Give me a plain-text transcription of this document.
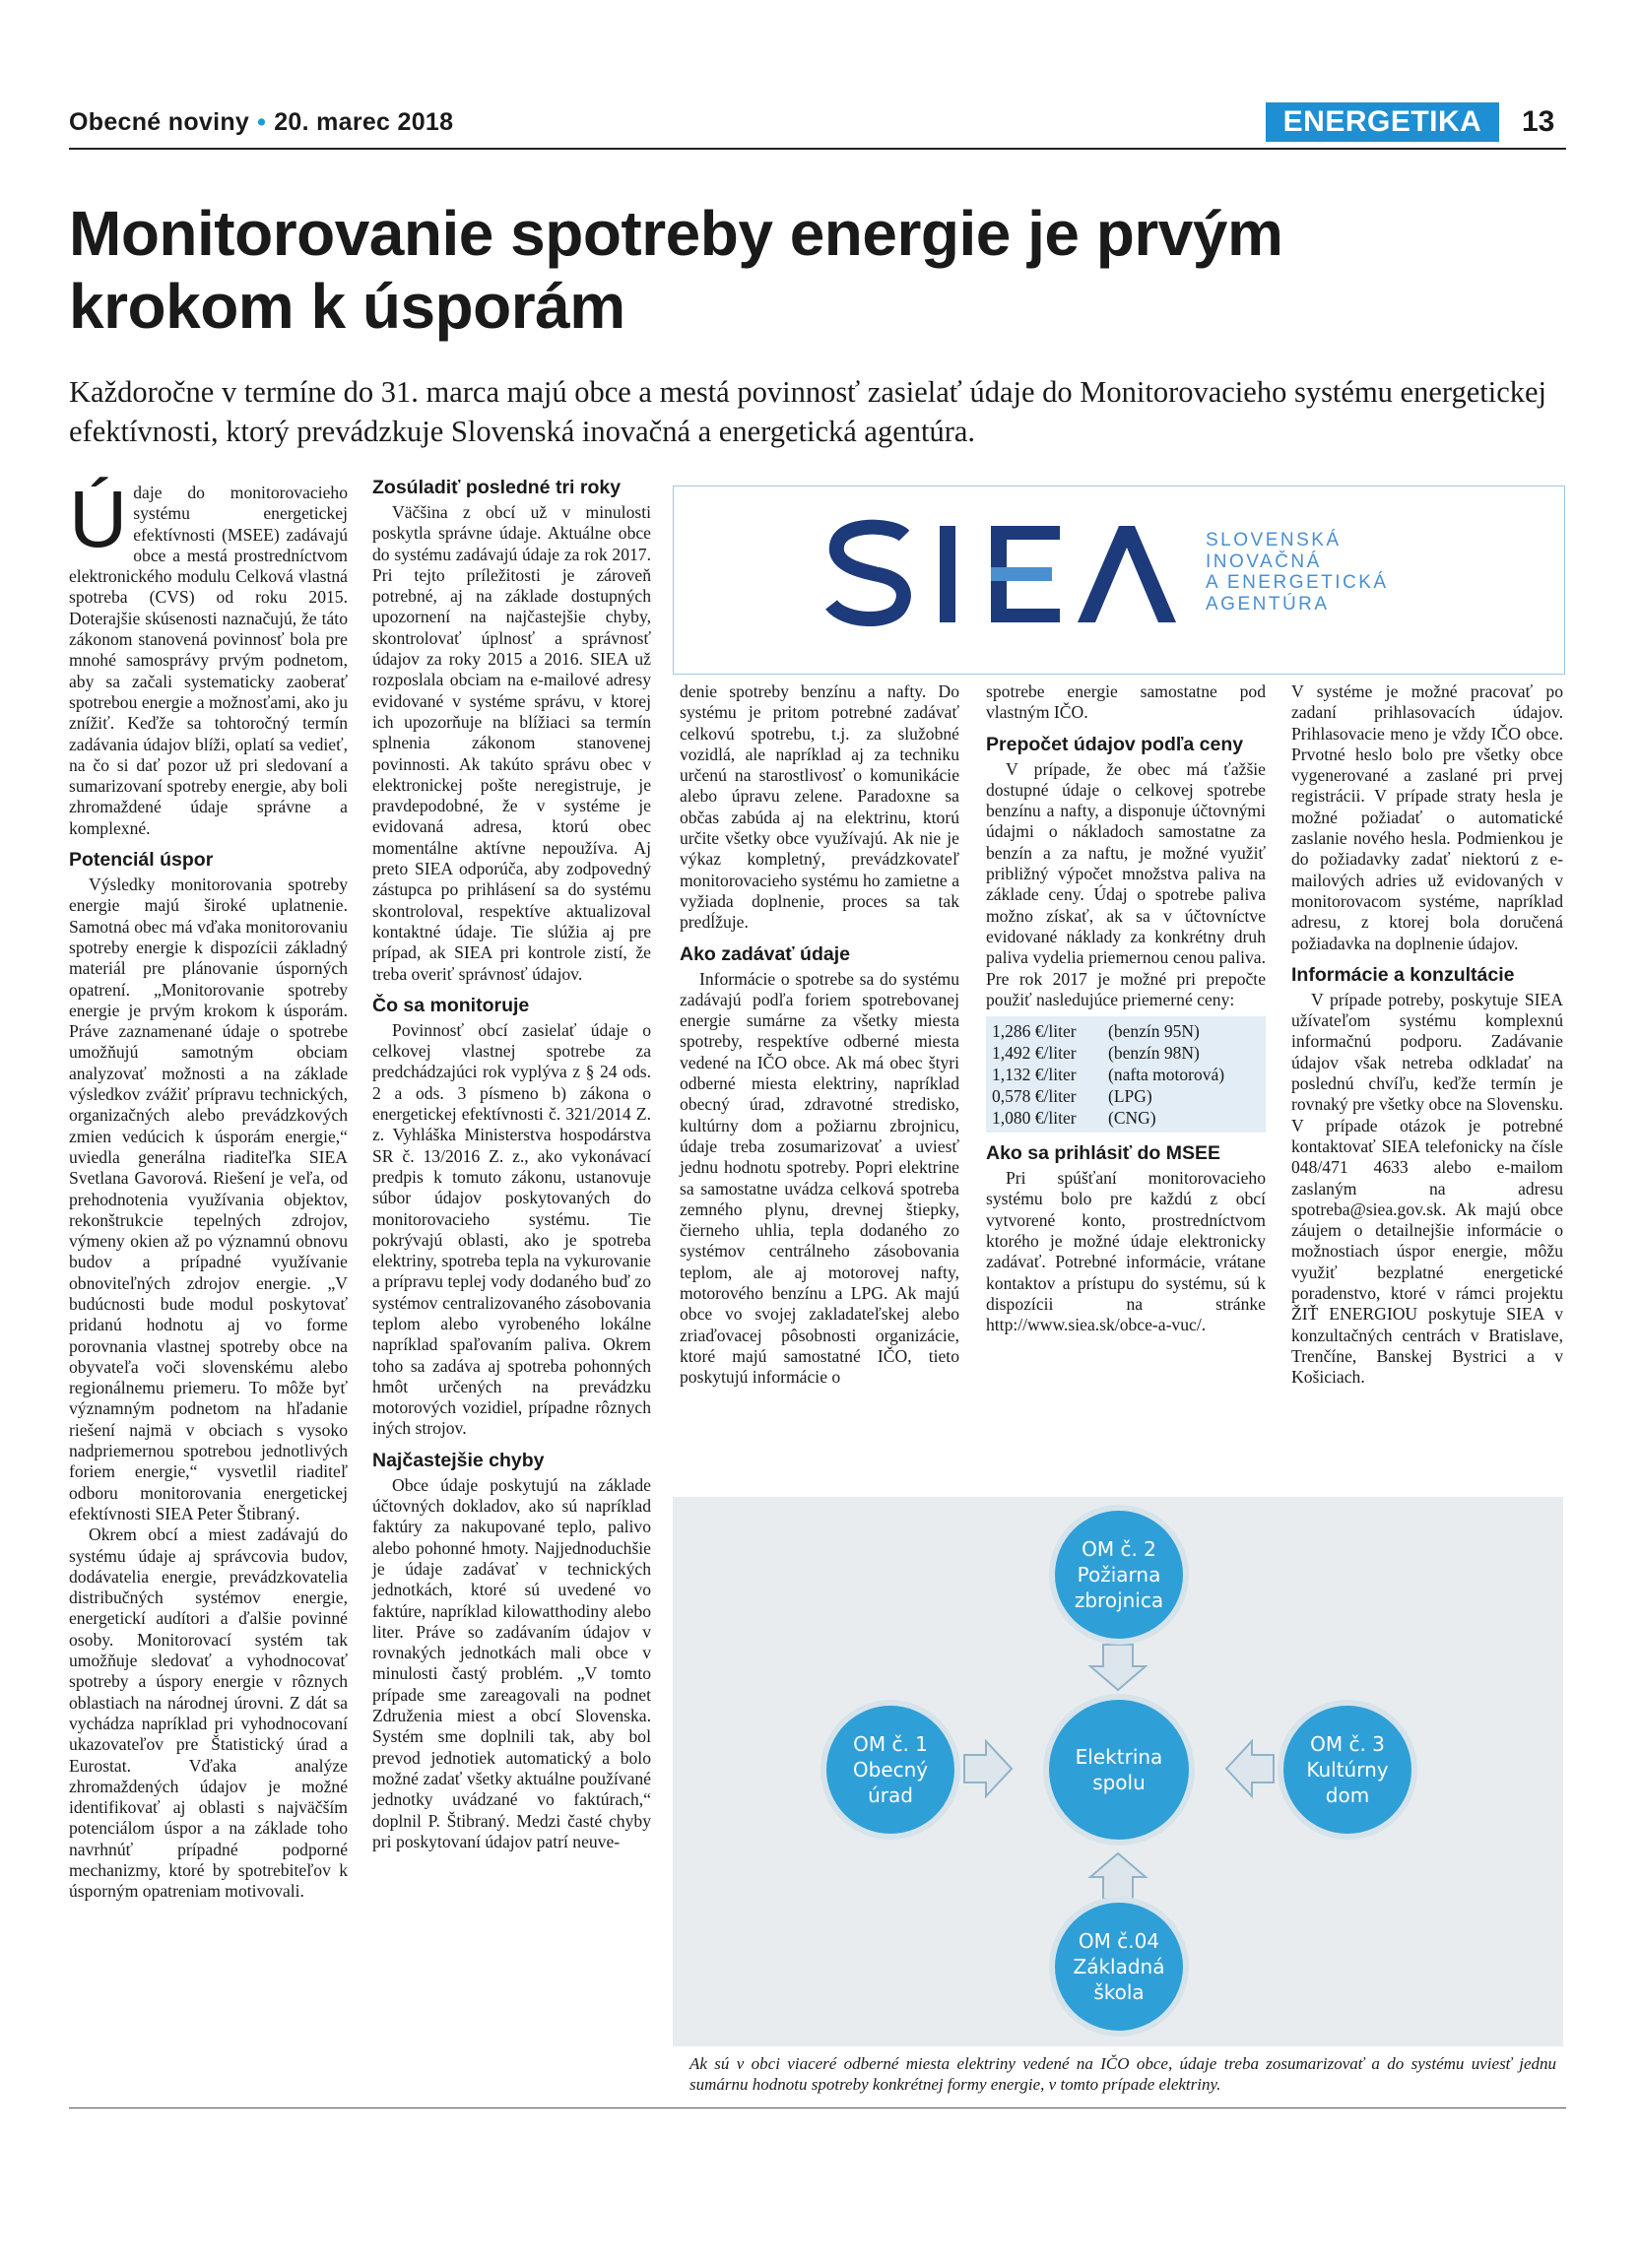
Obecné noviny • 20. marec 2018	ENERGETIKA	13
Monitorovanie spotreby energie je prvým
krokom k úsporám

Každoročne v termíne do 31. marca majú obce a mestá povinnosť zasielať údaje do Monitorovacieho systému energetickej efektívnosti, ktorý prevádzkuje Slovenská inovačná a energetická agentúra.

Údaje do monitorovacieho systému energetickej efektívnosti (MSEE) zadávajú obce a mestá prostredníctvom elektronického modulu Celková vlastná spotreba (CVS) od roku 2015. Doterajšie skúsenosti naznačujú, že táto zákonom stanovená povinnosť bola pre mnohé samosprávy prvým podnetom, aby sa začali systematicky zaoberať spotrebou energie a možnosťami, ako ju znížiť. Keďže sa tohtoročný termín zadávania údajov blíži, oplatí sa vedieť, na čo si dať pozor už pri sledovaní a sumarizovaní spotreby energie, aby boli zhromaždené údaje správne a komplexné.

Potenciál úspor

Výsledky monitorovania spotreby energie majú široké uplatnenie. Samotná obec má vďaka monitorovaniu spotreby energie k dispozícii základný materiál pre plánovanie úsporných opatrení. „Monitorovanie spotreby energie je prvým krokom k úsporám. Práve zaznamenané údaje o spotrebe umožňujú samotným obciam analyzovať možnosti a na základe výsledkov zvážiť prípravu technických, organizačných alebo prevádzkových zmien vedúcich k úsporám energie,“ uviedla generálna riaditeľka SIEA Svetlana Gavorová. Riešení je veľa, od prehodnotenia využívania objektov, rekonštrukcie tepelných zdrojov, výmeny okien až po významnú obnovu budov a prípadné využívanie obnoviteľných zdrojov energie. „V budúcnosti bude modul poskytovať pridanú hodnotu aj vo forme porovnania vlastnej spotreby obce na obyvateľa voči slovenskému alebo regionálnemu priemeru. To môže byť významným podnetom na hľadanie riešení najmä v obciach s vysoko nadpriemernou spotrebou jednotlivých foriem energie,“ vysvetlil riaditeľ odboru monitorovania energetickej efektívnosti SIEA Peter Štibraný.

Okrem obcí a miest zadávajú do systému údaje aj správcovia budov, dodávatelia energie, prevádzkovatelia distribučných systémov energie, energetickí audítori a ďalšie povinné osoby. Monitorovací systém tak umožňuje sledovať a vyhodnocovať spotreby a úspory energie v rôznych oblastiach na národnej úrovni. Z dát sa vychádza napríklad pri vyhodnocovaní ukazovateľov pre Štatistický úrad a Eurostat. Vďaka analýze zhromaždených údajov je možné identifikovať aj oblasti s najväčším potenciálom úspor a na základe toho navrhnúť prípadné podporné mechanizmy, ktoré by spotrebiteľov k úsporným opatreniam motivovali.

Zosúladiť posledné tri roky

Väčšina z obcí už v minulosti poskytla správne údaje. Aktuálne obce do systému zadávajú údaje za rok 2017. Pri tejto príležitosti je zároveň potrebné, aj na základe dostupných upozornení na najčastejšie chyby, skontrolovať úplnosť a správnosť údajov za roky 2015 a 2016. SIEA už rozposlala obciam na e-mailové adresy evidované v systéme správu, v ktorej ich upozorňuje na blížiaci sa termín splnenia zákonom stanovenej povinnosti. Ak takúto správu obec v elektronickej pošte neregistruje, je pravdepodobné, že v systéme je evidovaná adresa, ktorú obec momentálne aktívne nepoužíva. Aj preto SIEA odporúča, aby zodpovedný zástupca po prihlásení sa do systému skontroloval, respektíve aktualizoval kontaktné údaje. Tie slúžia aj pre prípad, ak SIEA pri kontrole zistí, že treba overiť správnosť údajov.

Čo sa monitoruje

Povinnosť obcí zasielať údaje o celkovej vlastnej spotrebe za predchádzajúci rok vyplýva z § 24 ods. 2 a ods. 3 písmeno b) zákona o energetickej efektívnosti č. 321/2014 Z. z. Vyhláška Ministerstva hospodárstva SR č. 13/2016 Z. z., ako vykonávací predpis k tomuto zákonu, ustanovuje súbor údajov poskytovaných do monitorovacieho systému. Tie pokrývajú oblasti, ako je spotreba elektriny, spotreba tepla na vykurovanie a prípravu teplej vody dodaného buď zo systémov centralizovaného zásobovania teplom alebo vyrobeného lokálne napríklad spaľovaním paliva. Okrem toho sa zadáva aj spotreba pohonných hmôt určených na prevádzku motorových vozidiel, prípadne rôznych iných strojov.

Najčastejšie chyby

Obce údaje poskytujú na základe účtovných dokladov, ako sú napríklad faktúry za nakupované teplo, palivo alebo pohonné hmoty. Najjednoduchšie je údaje zadávať v technických jednotkách, ktoré sú uvedené vo faktúre, napríklad kilowatthodiny alebo liter. Práve so zadávaním údajov v rovnakých jednotkách mali obce v minulosti častý problém. „V tomto prípade sme zareagovali na podnet Združenia miest a obcí Slovenska. Systém sme doplnili tak, aby bol prevod jednotiek automatický a bolo možné zadať všetky aktuálne používané jednotky uvádzané vo faktúrach,“ doplnil P. Štibraný. Medzi časté chyby pri poskytovaní údajov patrí neuve-

SLOVENSKÁ
INOVAČNÁ
A ENERGETICKÁ
AGENTÚRA

denie spotreby benzínu a nafty. Do systému je pritom potrebné zadávať celkovú spotrebu, t.j. za služobné vozidlá, ale napríklad aj za techniku určenú na starostlivosť o komunikácie alebo úpravu zelene. Paradoxne sa občas zabúda aj na elektrinu, ktorú určite všetky obce využívajú. Ak nie je výkaz kompletný, prevádzkovateľ monitorovacieho systému ho zamietne a vyžiada doplnenie, proces sa tak predĺžuje.

Ako zadávať údaje

Informácie o spotrebe sa do systému zadávajú podľa foriem spotrebovanej energie sumárne za všetky miesta spotreby, respektíve odberné miesta vedené na IČO obce. Ak má obec štyri odberné miesta elektriny, napríklad obecný úrad, zdravotné stredisko, kultúrny dom a požiarnu zbrojnicu, údaje treba zosumarizovať a uviesť jednu hodnotu spotreby. Popri elektrine sa samostatne uvádza celková spotreba zemného plynu, drevnej štiepky, čierneho uhlia, tepla dodaného zo systémov centrálneho zásobovania teplom, ale aj motorovej nafty, motorového benzínu a LPG. Ak majú obce vo svojej zakladateľskej alebo zriaďovacej pôsobnosti organizácie, ktoré majú samostatné IČO, tieto poskytujú informácie o

spotrebe energie samostatne pod vlastným IČO.

Prepočet údajov podľa ceny

V prípade, že obec má ťažšie dostupné údaje o celkovej spotrebe benzínu a nafty, a disponuje účtovnými údajmi o nákladoch samostatne za benzín a za naftu, je možné využiť približný výpočet množstva paliva na základe ceny. Údaj o spotrebe paliva možno získať, ak sa v účtovníctve evidované náklady za konkrétny druh paliva vydelia priemernou cenou paliva. Pre rok 2017 je možné pri prepočte použiť nasledujúce priemerné ceny:

1,286 €/liter	(benzín 95N)
1,492 €/liter	(benzín 98N)
1,132 €/liter	(nafta motorová)
0,578 €/liter	(LPG)
1,080 €/liter	(CNG)
Ako sa prihlásiť do MSEE

Pri spúšťaní monitorovacieho systému bolo pre každú z obcí vytvorené konto, prostredníctvom ktorého je možné údaje elektronicky zadávať. Potrebné informácie, vrátane kontaktov a prístupu do systému, sú k dispozícii na stránke http://www.siea.sk/obce-a-vuc/.

V systéme je možné pracovať po zadaní prihlasovacích údajov. Prihlasovacie meno je vždy IČO obce. Prvotné heslo bolo pre všetky obce vygenerované a zaslané pri prvej registrácii. V prípade straty hesla je možné požiadať o automatické zaslanie nového hesla. Podmienkou je do požiadavky zadať niektorú z e-mailových adries už evidovaných v monitorovacom systéme, napríklad adresu, z ktorej bola doručená požiadavka na doplnenie údajov.

Informácie a konzultácie

V prípade potreby, poskytuje SIEA užívateľom systému komplexnú informačnú podporu. Zadávanie údajov však netreba odkladať na poslednú chvíľu, keďže termín je rovnaký pre všetky obce na Slovensku. V prípade otázok je potrebné kontaktovať SIEA telefonicky na čísle 048/471 4633 alebo e-mailom zaslaným na adresu spotreba@siea.gov.sk. Ak majú obce záujem o detailnejšie informácie o možnostiach úspor energie, môžu využiť bezplatné energetické poradenstvo, ktoré v rámci projektu ŽIŤ ENERGIOU poskytuje SIEA v konzultačných centrách v Bratislave, Trenčíne, Banskej Bystrici a v Košiciach.

OM č. 2
Požiarna
zbrojnica
OM č. 1
Obecný
úrad
Elektrina
spolu
OM č. 3
Kultúrny
dom
OM č.04
Základná
škola
Ak sú v obci viaceré odberné miesta elektriny vedené na IČO obce, údaje treba zosumarizovať a do systému uviesť jednu sumárnu hodnotu spotreby konkrétnej formy energie, v tomto prípade elektriny.
